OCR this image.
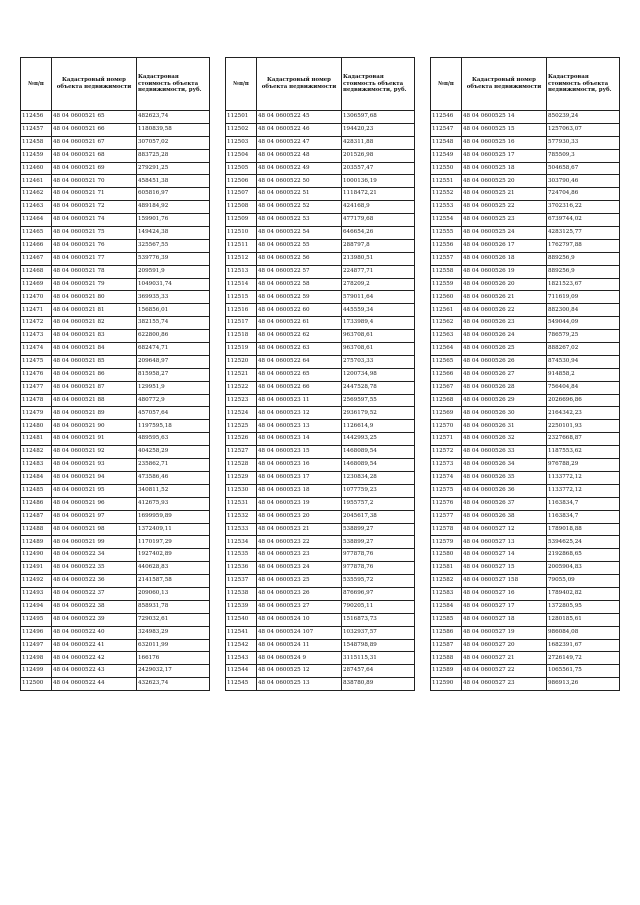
№п/п	Кадастровый номер объекта недвижимости	Кадастровая стоимость объекта недвижимости, руб.
112456	48 04 0600521 65	482623,74
112457	48 04 0600521 66	1180839,58
112458	48 04 0600521 67	307057,02
112459	48 04 0600521 68	883725,28
112460	48 04 0600521 69	279291,25
112461	48 04 0600521 70	458451,38
112462	48 04 0600521 71	605816,97
112463	48 04 0600521 72	489184,92
112464	48 04 0600521 74	159901,76
112465	48 04 0600521 75	149424,38
112466	48 04 0600521 76	325567,55
112467	48 04 0600521 77	539776,39
112468	48 04 0600521 78	209591,9
112469	48 04 0600521 79	1049031,74
112470	48 04 0600521 80	369935,33
112471	48 04 0600521 81	156856,01
112472	48 04 0600521 82	382155,74
112473	48 04 0600521 83	622800,86
112474	48 04 0600521 84	682474,71
112475	48 04 0600521 85	209648,97
112476	48 04 0600521 86	815958,27
112477	48 04 0600521 87	129951,9
112478	48 04 0600521 88	480772,9
112479	48 04 0600521 89	457057,64
112480	48 04 0600521 90	1197595,18
112481	48 04 0600521 91	489595,63
112482	48 04 0600521 92	404258,29
112483	48 04 0600521 93	235862,71
112484	48 04 0600521 94	473586,46
112485	48 04 0600521 95	340811,52
112486	48 04 0600521 96	412675,93
112487	48 04 0600521 97	1699959,89
112488	48 04 0600521 98	1372409,11
112489	48 04 0600521 99	1170197,29
112490	48 04 0600522 34	1927402,89
112491	48 04 0600522 35	440628,83
112492	48 04 0600522 36	2141587,58
112493	48 04 0600522 37	209060,13
112494	48 04 0600522 38	858931,78
112495	48 04 0600522 39	729032,61
112496	48 04 0600522 40	324983,29
112497	48 04 0600522 41	632011,99
112498	48 04 0600522 42	166176
112499	48 04 0600522 43	2429032,17
112500	48 04 0600522 44	432623,74
№п/п	Кадастровый номер объекта недвижимости	Кадастровая стоимость объекта недвижимости, руб.
112501	48 04 0600522 45	1306597,68
112502	48 04 0600522 46	194420,23
112503	48 04 0600522 47	428311,88
112504	48 04 0600522 48	201526,98
112505	48 04 0600522 49	203557,47
112506	48 04 0600522 50	1000136,19
112507	48 04 0600522 51	1118472,21
112508	48 04 0600522 52	424168,9
112509	48 04 0600522 53	477179,68
112510	48 04 0600522 54	646654,26
112511	48 04 0600522 55	288797,8
112512	48 04 0600522 56	213980,51
112513	48 04 0600522 57	224877,71
112514	48 04 0600522 58	278209,2
112515	48 04 0600522 59	579011,64
112516	48 04 0600522 60	445559,34
112517	48 04 0600522 61	1733989,4
112518	48 04 0600522 62	963708,61
112519	48 04 0600522 63	963708,61
112520	48 04 0600522 64	275703,33
112521	48 04 0600522 65	1200734,98
112522	48 04 0600522 66	2447528,78
112523	48 04 0600523 11	2569597,55
112524	48 04 0600523 12	2936179,52
112525	48 04 0600523 13	1126614,9
112526	48 04 0600523 14	1442993,25
112527	48 04 0600523 15	1468089,54
112528	48 04 0600523 16	1468089,54
112529	48 04 0600523 17	1230834,28
112530	48 04 0600523 18	1077759,23
112531	48 04 0600523 19	1955757,2
112532	48 04 0600523 20	2045617,38
112533	48 04 0600523 21	538899,27
112534	48 04 0600523 22	538899,27
112535	48 04 0600523 23	977878,76
112536	48 04 0600523 24	977878,76
112537	48 04 0600523 25	535595,72
112538	48 04 0600523 26	876696,97
112539	48 04 0600523 27	790205,11
112540	48 04 0600524 10	1516873,73
112541	48 04 0600524 107	1032937,57
112542	48 04 0600524 11	1548798,89
112543	48 04 0600524 9	3115115,31
112544	48 04 0600525 12	287457,64
112545	48 04 0600525 13	838780,89
№п/п	Кадастровый номер объекта недвижимости	Кадастровая стоимость объекта недвижимости, руб.
112546	48 04 0600525 14	850239,24
112547	48 04 0600525 15	1257063,07
112548	48 04 0600525 16	577930,33
112549	48 04 0600525 17	785509,3
112550	48 04 0600525 18	504658,67
112551	48 04 0600525 20	303790,46
112552	48 04 0600525 21	724704,86
112553	48 04 0600525 22	3702316,22
112554	48 04 0600525 23	6739744,02
112555	48 04 0600525 24	4283125,77
112556	48 04 0600526 17	1762797,88
112557	48 04 0600526 18	889256,9
112558	48 04 0600526 19	889256,9
112559	48 04 0600526 20	1821523,67
112560	48 04 0600526 21	711619,09
112561	48 04 0600526 22	882300,84
112562	48 04 0600526 23	549044,09
112563	48 04 0600526 24	786579,25
112564	48 04 0600526 25	888267,02
112565	48 04 0600526 26	874530,94
112566	48 04 0600526 27	914858,2
112567	48 04 0600526 28	756404,84
112568	48 04 0600526 29	2026696,86
112569	48 04 0600526 30	2164342,23
112570	48 04 0600526 31	2250101,93
112571	48 04 0600526 32	2327668,87
112572	48 04 0600526 33	1187553,62
112573	48 04 0600526 34	976788,29
112574	48 04 0600526 35	1133772,12
112575	48 04 0600526 36	1133772,12
112576	48 04 0600526 37	1163834,7
112577	48 04 0600526 38	1163834,7
112578	48 04 0600527 12	1789018,88
112579	48 04 0600527 13	5394625,24
112580	48 04 0600527 14	2192868,65
112581	48 04 0600527 15	2005904,83
112582	48 04 0600527 158	79055,09
112583	48 04 0600527 16	1789402,82
112584	48 04 0600527 17	1372805,95
112585	48 04 0600527 18	1280185,61
112586	48 04 0600527 19	986084,08
112587	48 04 0600527 20	1682391,67
112588	48 04 0600527 21	2726149,72
112589	48 04 0600527 22	1065561,75
112590	48 04 0600527 23	986913,26
